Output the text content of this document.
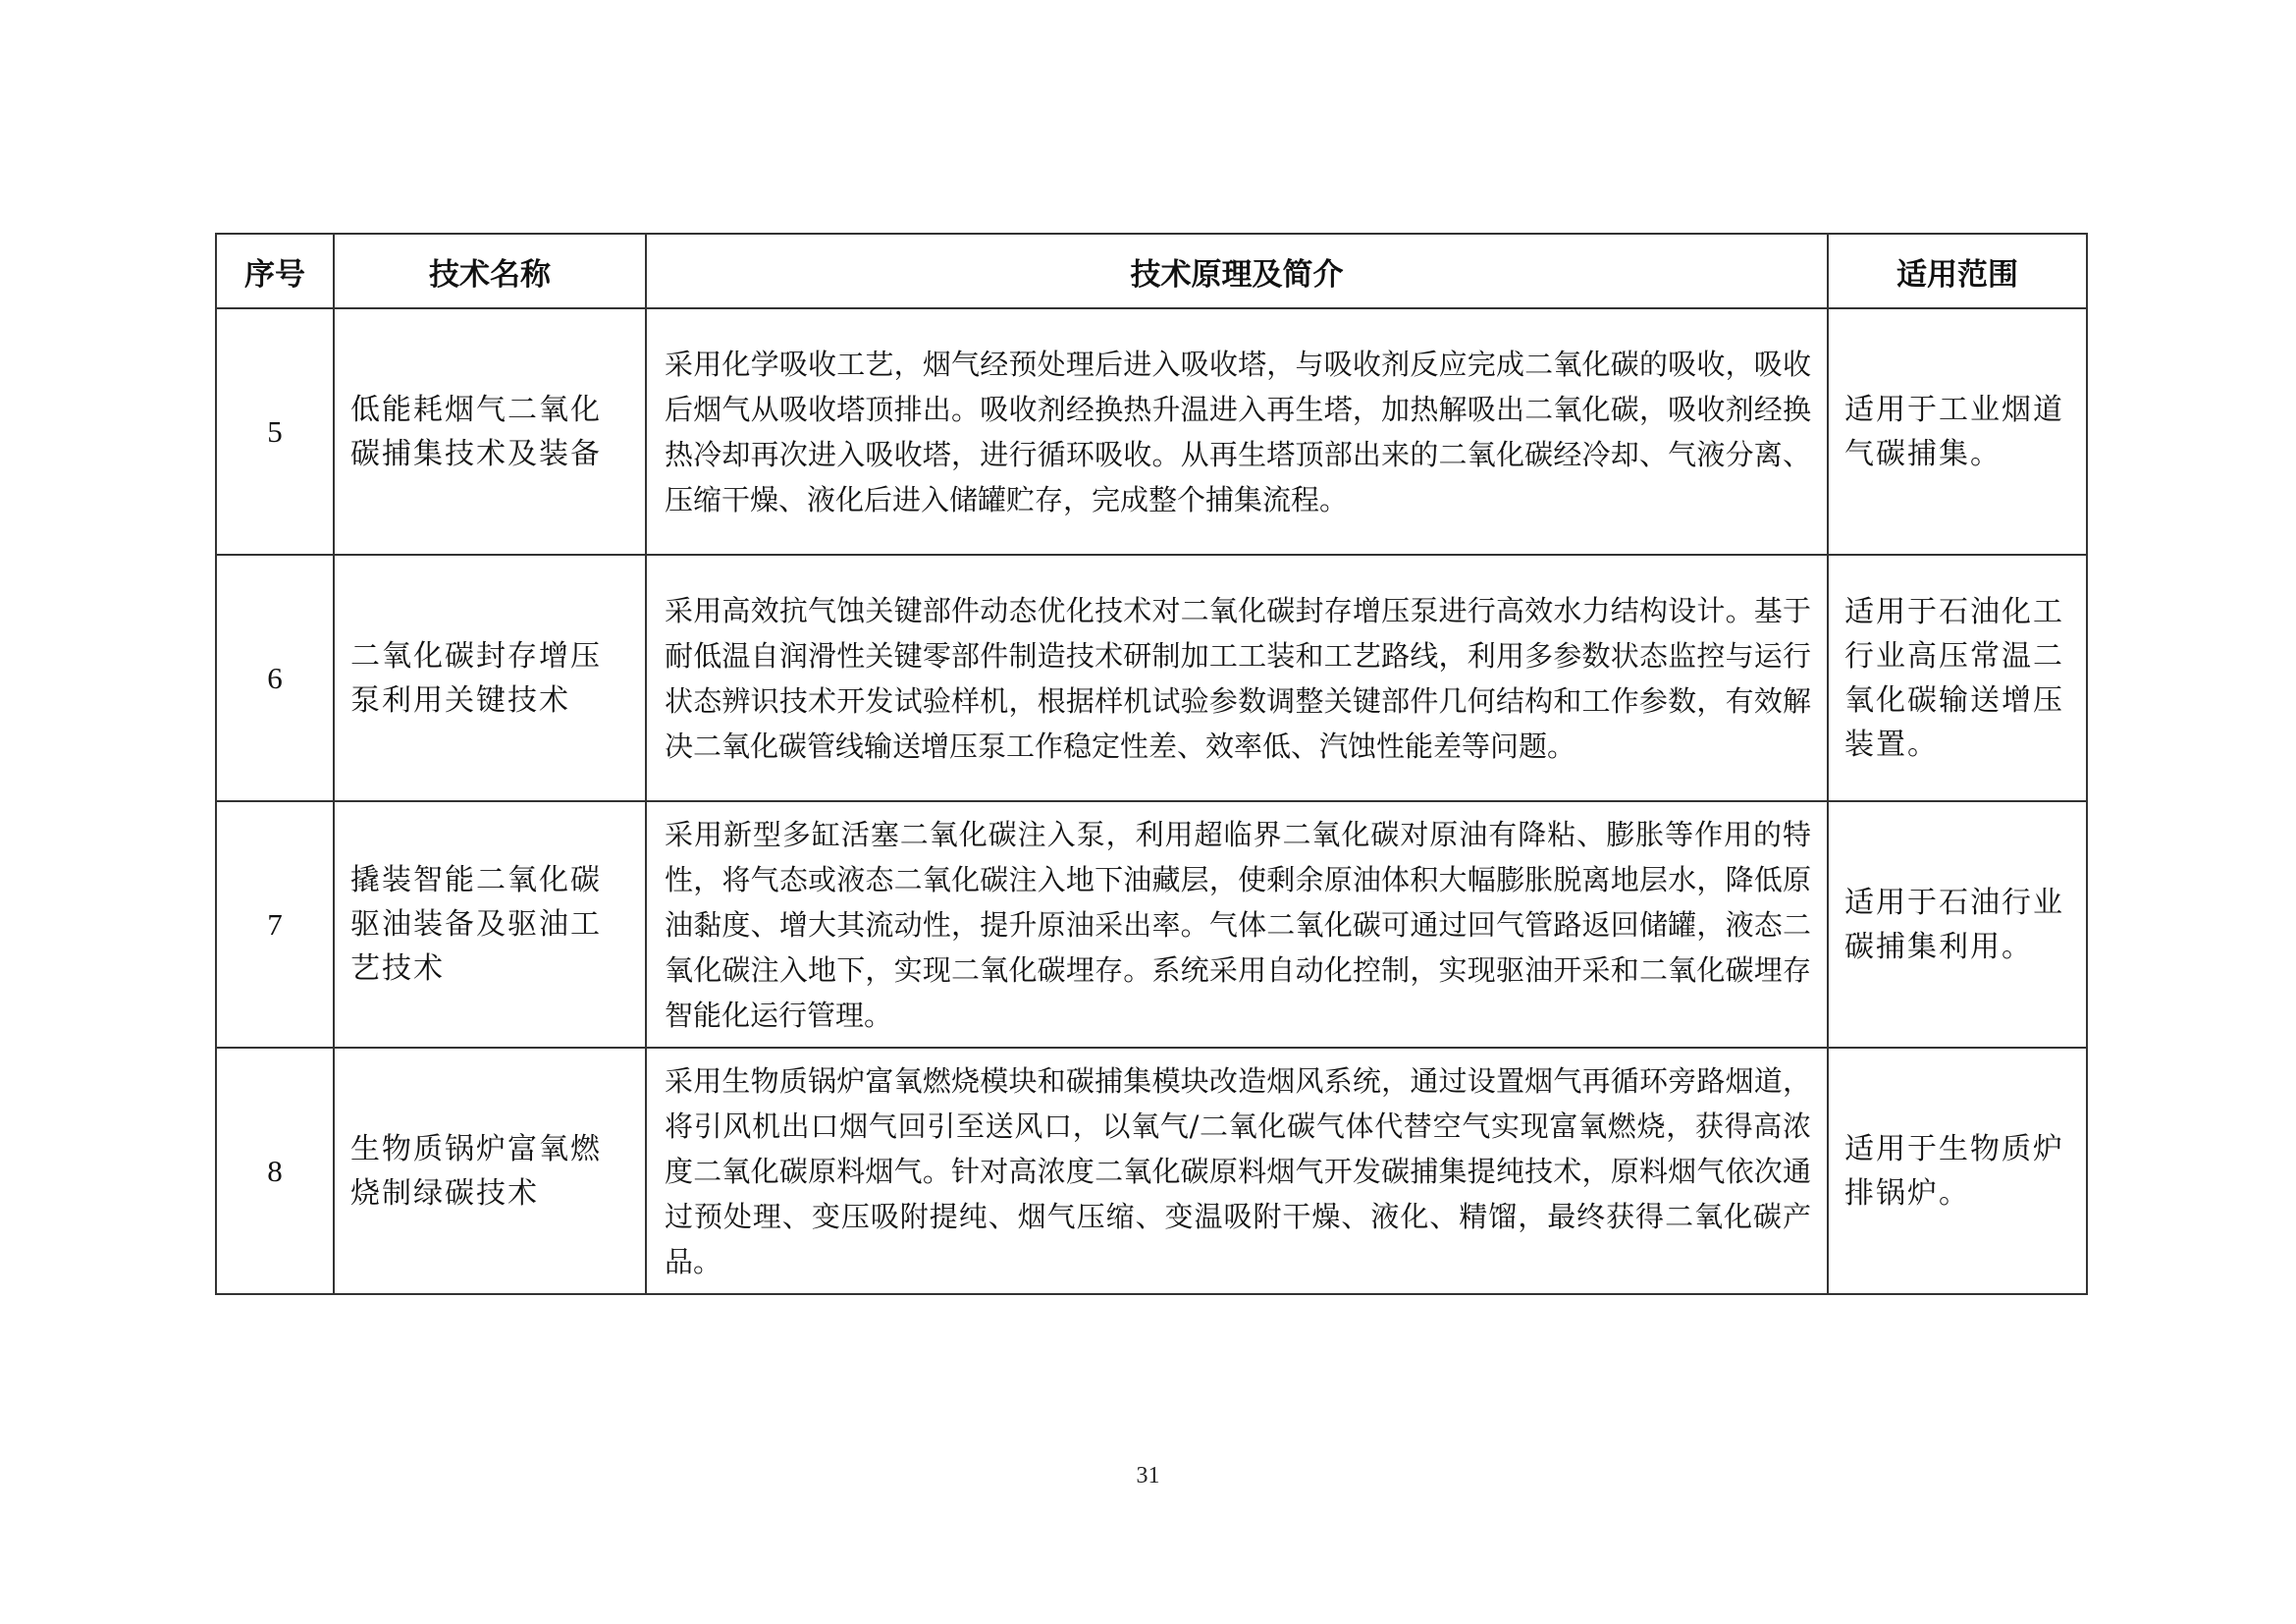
序号	技术名称	技术原理及简介	适用范围
5	低能耗烟气二氧化碳捕集技术及装备	采用化学吸收工艺，烟气经预处理后进入吸收塔，与吸收剂反应完成二氧化碳的吸收，吸收后烟气从吸收塔顶排出。吸收剂经换热升温进入再生塔，加热解吸出二氧化碳，吸收剂经换热冷却再次进入吸收塔，进行循环吸收。从再生塔顶部出来的二氧化碳经冷却、气液分离、压缩干燥、液化后进入储罐贮存，完成整个捕集流程。	适用于工业烟道气碳捕集。
6	二氧化碳封存增压泵利用关键技术	采用高效抗气蚀关键部件动态优化技术对二氧化碳封存增压泵进行高效水力结构设计。基于耐低温自润滑性关键零部件制造技术研制加工工装和工艺路线，利用多参数状态监控与运行状态辨识技术开发试验样机，根据样机试验参数调整关键部件几何结构和工作参数，有效解决二氧化碳管线输送增压泵工作稳定性差、效率低、汽蚀性能差等问题。	适用于石油化工行业高压常温二氧化碳输送增压装置。
7	撬装智能二氧化碳驱油装备及驱油工艺技术	采用新型多缸活塞二氧化碳注入泵，利用超临界二氧化碳对原油有降粘、膨胀等作用的特性，将气态或液态二氧化碳注入地下油藏层，使剩余原油体积大幅膨胀脱离地层水，降低原油黏度、增大其流动性，提升原油采出率。气体二氧化碳可通过回气管路返回储罐，液态二氧化碳注入地下，实现二氧化碳埋存。系统采用自动化控制，实现驱油开采和二氧化碳埋存智能化运行管理。	适用于石油行业碳捕集利用。
8	生物质锅炉富氧燃烧制绿碳技术	采用生物质锅炉富氧燃烧模块和碳捕集模块改造烟风系统，通过设置烟气再循环旁路烟道，将引风机出口烟气回引至送风口，以氧气/二氧化碳气体代替空气实现富氧燃烧，获得高浓度二氧化碳原料烟气。针对高浓度二氧化碳原料烟气开发碳捕集提纯技术，原料烟气依次通过预处理、变压吸附提纯、烟气压缩、变温吸附干燥、液化、精馏，最终获得二氧化碳产品。	适用于生物质炉排锅炉。
31
